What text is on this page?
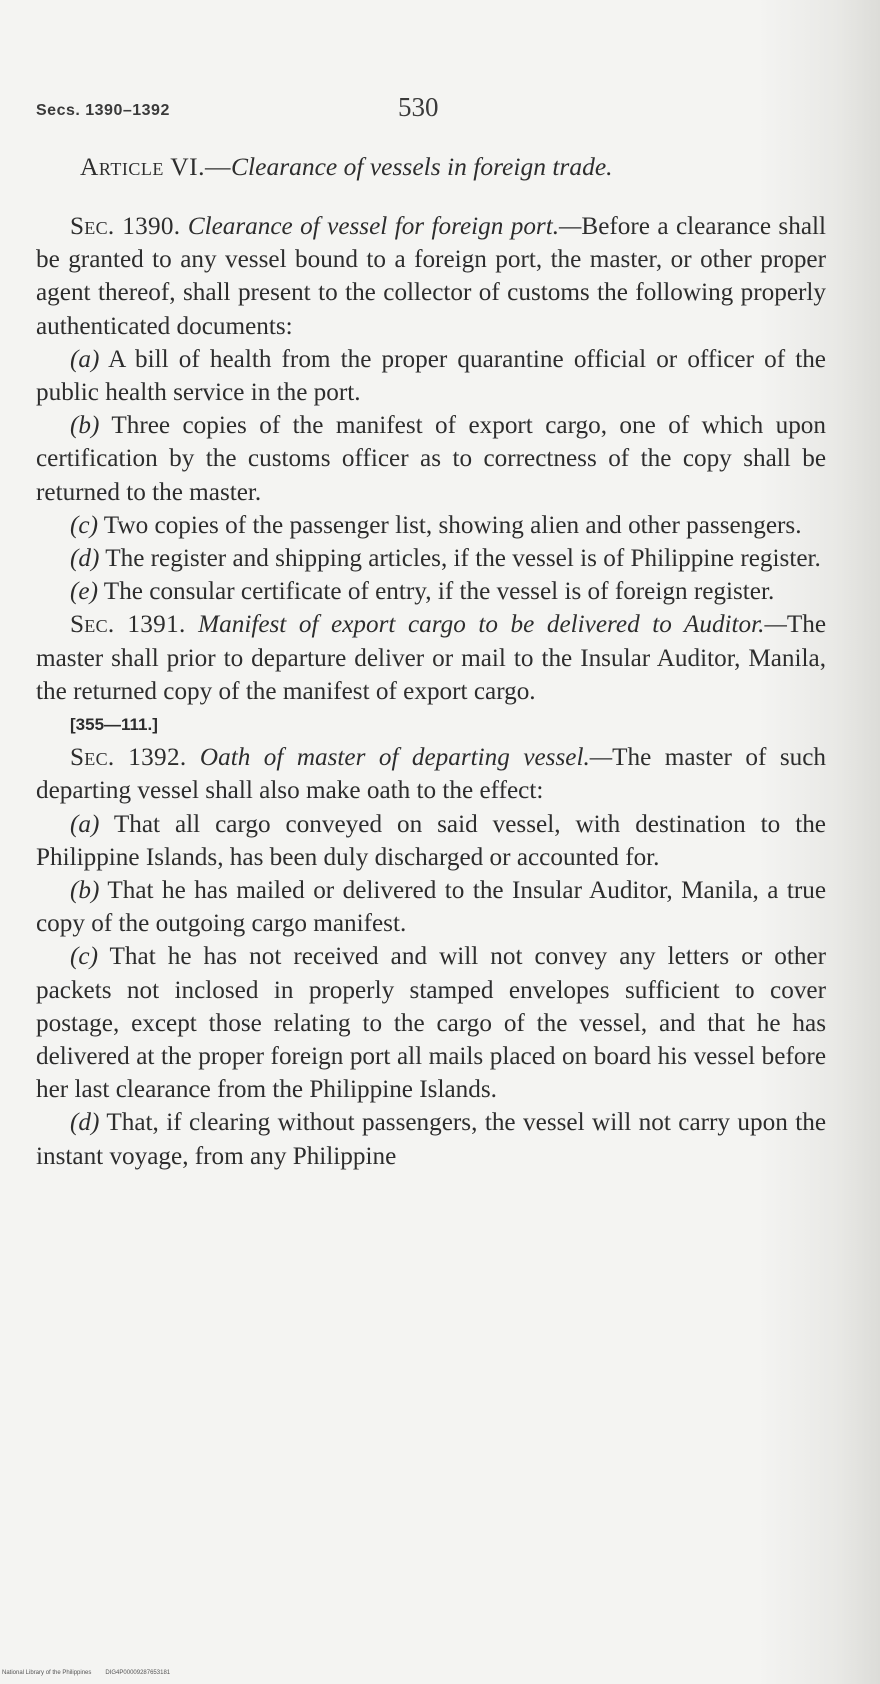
Secs. 1390–1392	530
Article VI.—Clearance of vessels in foreign trade.

Sec. 1390. Clearance of vessel for foreign port.—Before a clearance shall be granted to any vessel bound to a foreign port, the master, or other proper agent thereof, shall present to the collector of customs the following properly authenticated documents:

(a) A bill of health from the proper quarantine official or officer of the public health service in the port.

(b) Three copies of the manifest of export cargo, one of which upon certification by the customs officer as to correctness of the copy shall be returned to the master.

(c) Two copies of the passenger list, showing alien and other passengers.

(d) The register and shipping articles, if the vessel is of Philippine register.

(e) The consular certificate of entry, if the vessel is of foreign register.

Sec. 1391. Manifest of export cargo to be delivered to Auditor.—The master shall prior to departure deliver or mail to the Insular Auditor, Manila, the returned copy of the manifest of export cargo.

[355—111.]

Sec. 1392. Oath of master of departing vessel.—The master of such departing vessel shall also make oath to the effect:

(a) That all cargo conveyed on said vessel, with destination to the Philippine Islands, has been duly discharged or accounted for.

(b) That he has mailed or delivered to the Insular Auditor, Manila, a true copy of the outgoing cargo manifest.

(c) That he has not received and will not convey any letters or other packets not inclosed in properly stamped envelopes sufficient to cover postage, except those relating to the cargo of the vessel, and that he has delivered at the proper foreign port all mails placed on board his vessel before her last clearance from the Philippine Islands.

(d) That, if clearing without passengers, the vessel will not carry upon the instant voyage, from any Philippine

National Library of the Philippines DIG4P00009287653181
